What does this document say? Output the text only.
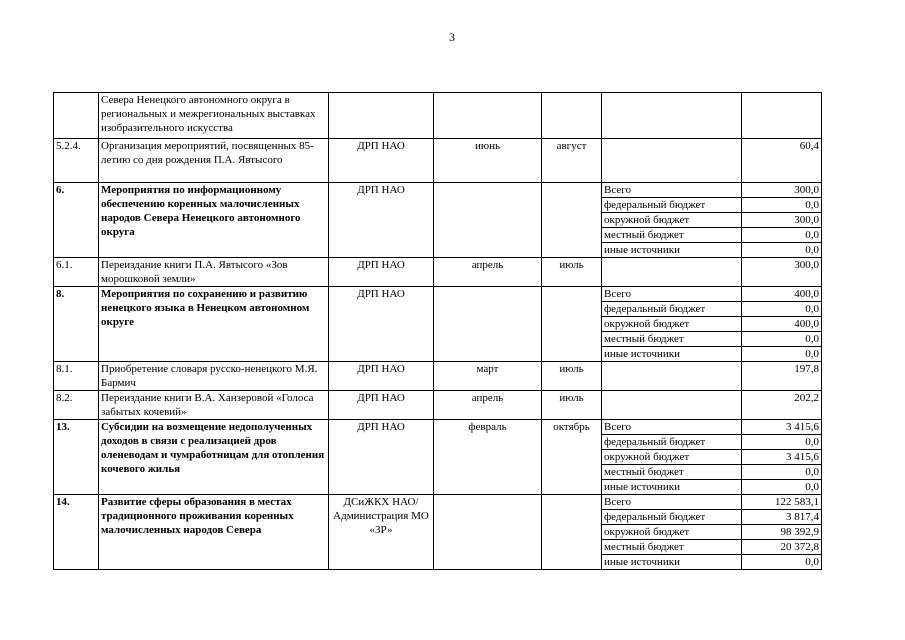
3
	Севера Ненецкого автономного округа в региональных и межрегиональных выставках изобразительного искусства					
5.2.4.	Организация мероприятий, посвященных 85-летию со дня рождения П.А. Явтысого	ДРП НАО	июнь	август		60,4
6.	Мероприятия по информационному обеспечению коренных малочисленных народов Севера Ненецкого автономного округа	ДРП НАО			Всего	300,0
					федеральный бюджет	0,0
					окружной бюджет	300,0
					местный бюджет	0,0
					иные источники	0,0
6.1.	Переиздание книги П.А. Явтысого «Зов морошковой земли»	ДРП НАО	апрель	июль		300,0
8.	Мероприятия по сохранению и развитию ненецкого языка в Ненецком автономном округе	ДРП НАО			Всего	400,0
					федеральный бюджет	0,0
					окружной бюджет	400,0
					местный бюджет	0,0
					иные источники	0,0
8.1.	Приобретение словаря русско-ненецкого М.Я. Бармич	ДРП НАО	март	июль		197,8
8.2.	Переиздание книги В.А. Ханзеровой «Голоса забытых кочевий»	ДРП НАО	апрель	июль		202,2
13.	Субсидии на возмещение недополученных доходов в связи с реализацией дров оленеводам и чумработницам для отопления кочевого жилья	ДРП НАО	февраль	октябрь	Всего	3 415,6
					федеральный бюджет	0,0
					окружной бюджет	3 415,6
					местный бюджет	0,0
					иные источники	0,0
14.	Развитие сферы образования в местах традиционного проживания коренных малочисленных народов Севера	ДСиЖКХ НАО/ Администрация МО «ЗР»			Всего	122 583,1
					федеральный бюджет	3 817,4
					окружной бюджет	98 392,9
					местный бюджет	20 372,8
					иные источники	0,0
